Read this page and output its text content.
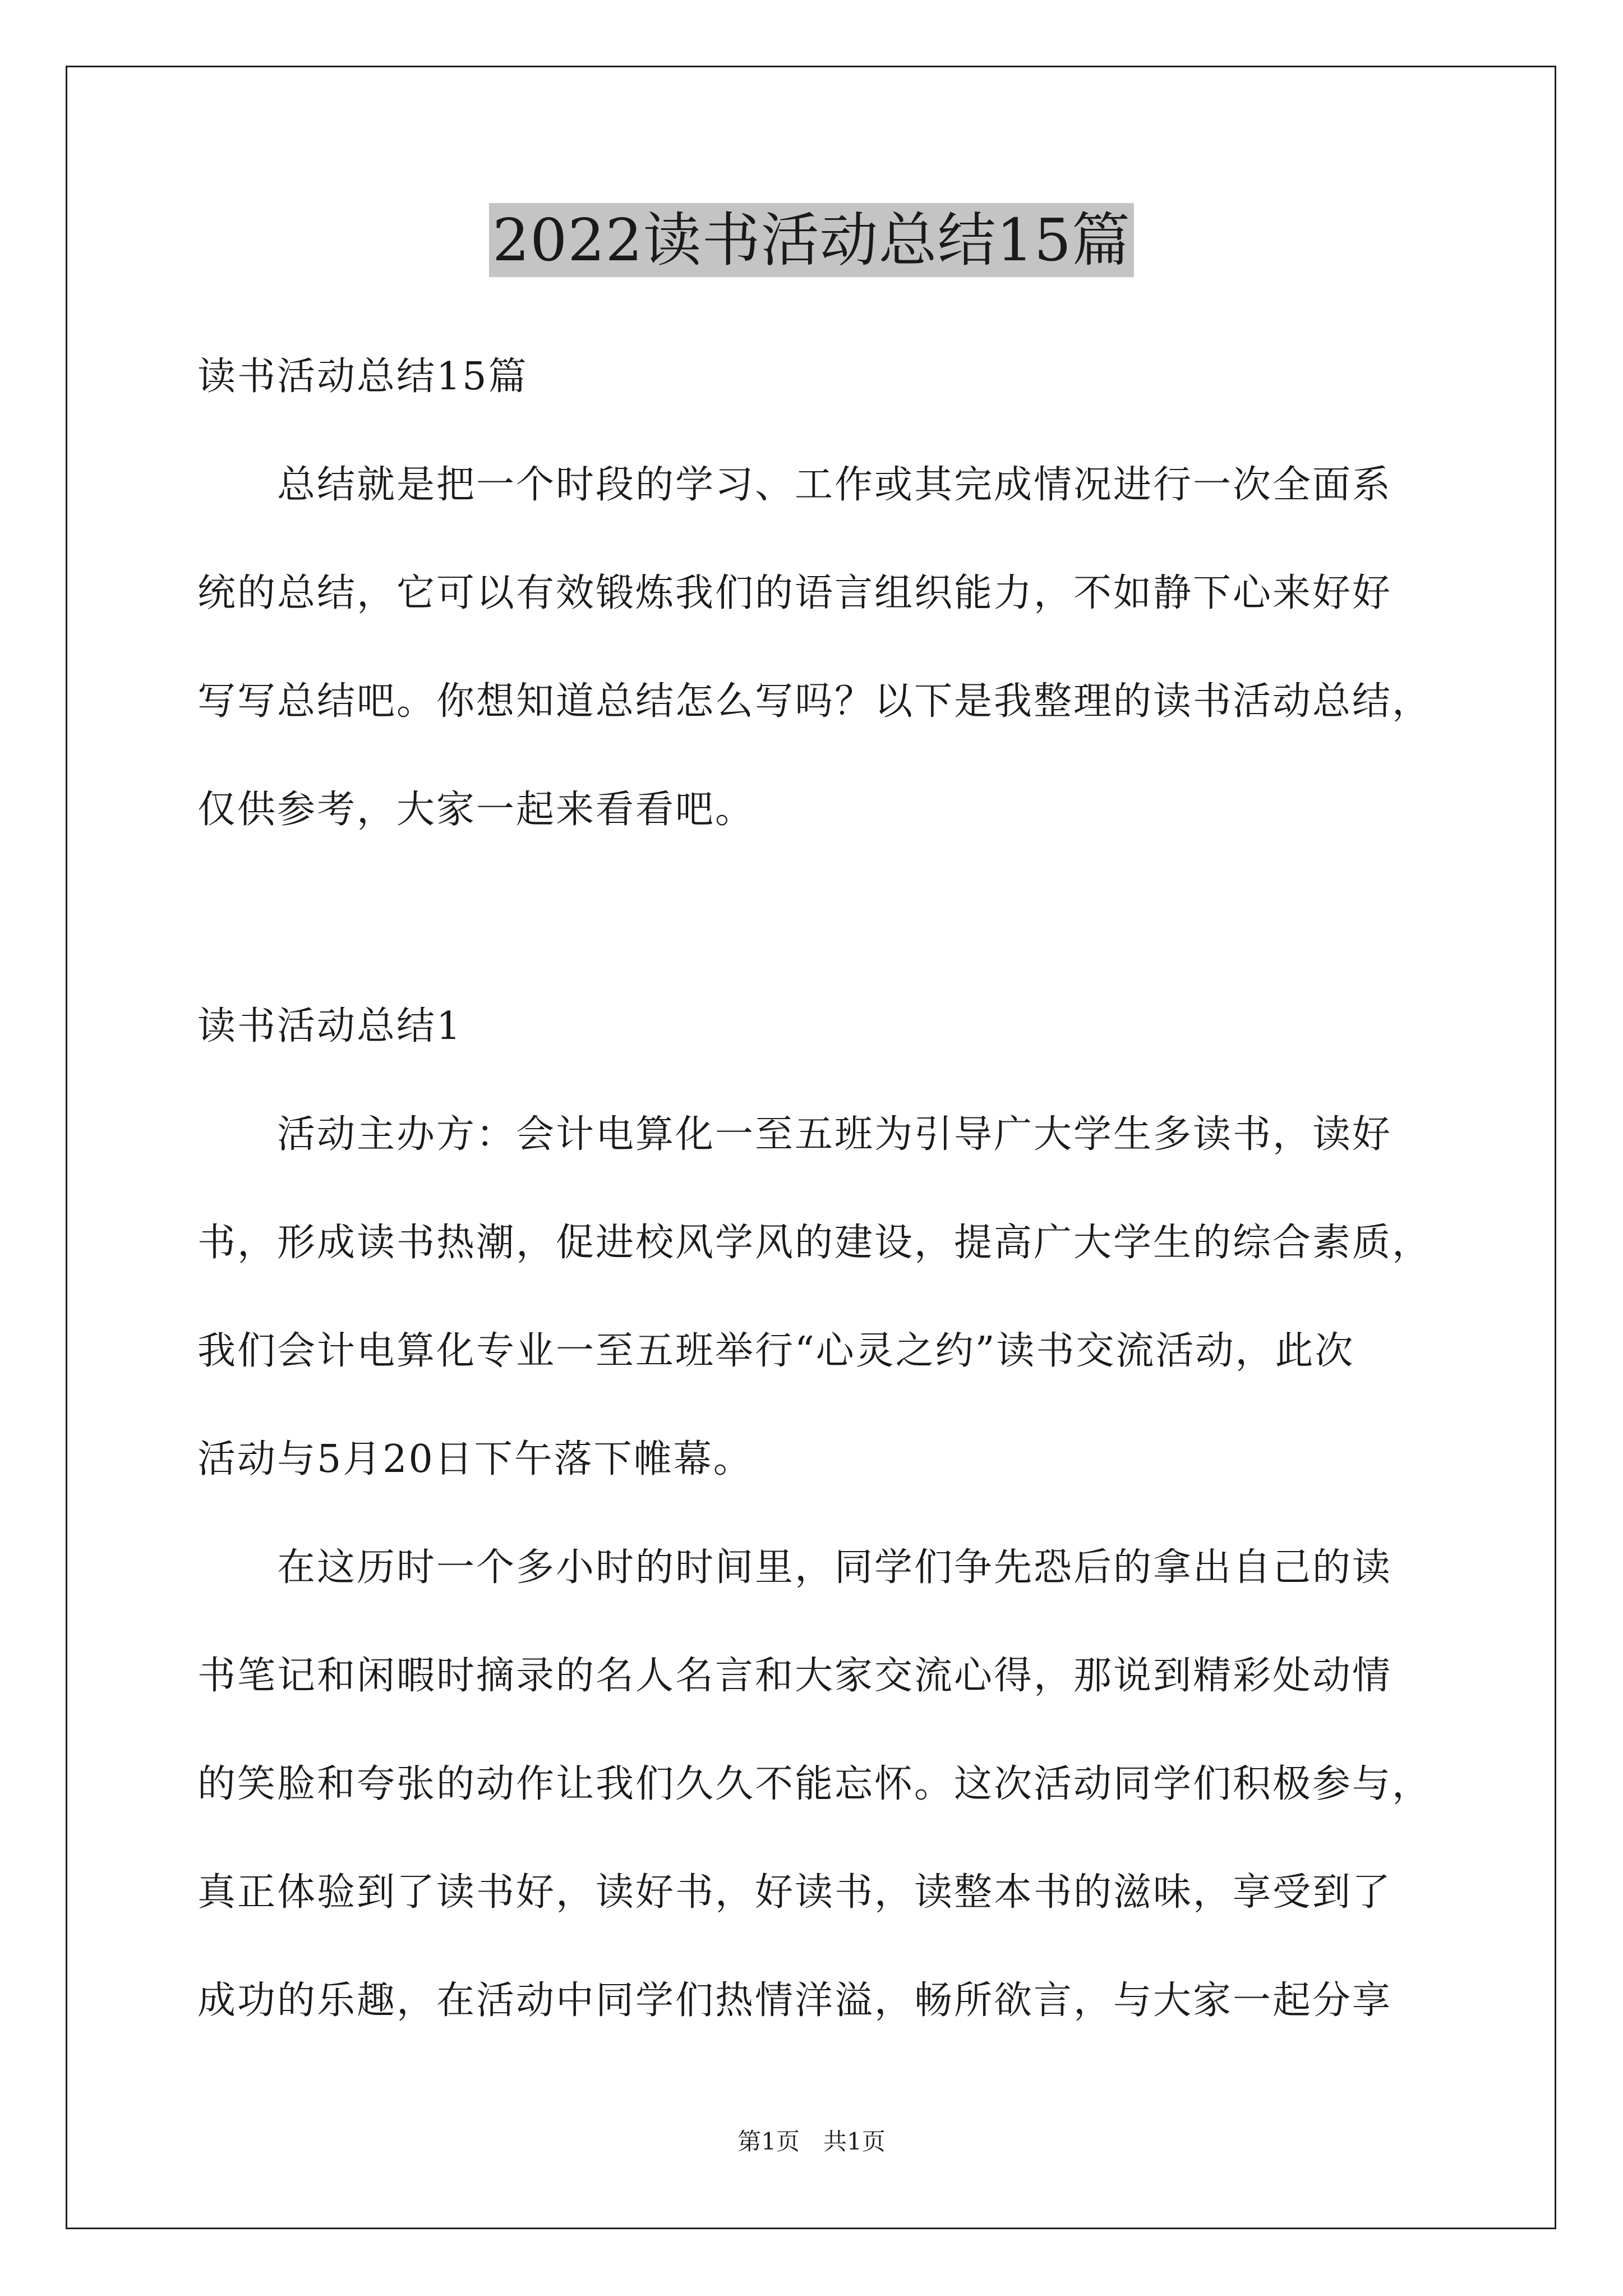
2022读书活动总结15篇
读书活动总结15篇
　　总结就是把一个时段的学习、工作或其完成情况进行一次全面系
统的总结，它可以有效锻炼我们的语言组织能力，不如静下心来好好
写写总结吧。你想知道总结怎么写吗？以下是我整理的读书活动总结，
仅供参考，大家一起来看看吧。
读书活动总结1
　　活动主办方：会计电算化一至五班为引导广大学生多读书，读好
书，形成读书热潮，促进校风学风的建设，提高广大学生的综合素质，
我们会计电算化专业一至五班举行“心灵之约”读书交流活动，此次
活动与5月20日下午落下帷幕。
　　在这历时一个多小时的时间里，同学们争先恐后的拿出自己的读
书笔记和闲暇时摘录的名人名言和大家交流心得，那说到精彩处动情
的笑脸和夸张的动作让我们久久不能忘怀。这次活动同学们积极参与，
真正体验到了读书好，读好书，好读书，读整本书的滋味，享受到了
成功的乐趣，在活动中同学们热情洋溢，畅所欲言，与大家一起分享
第1页　共1页
